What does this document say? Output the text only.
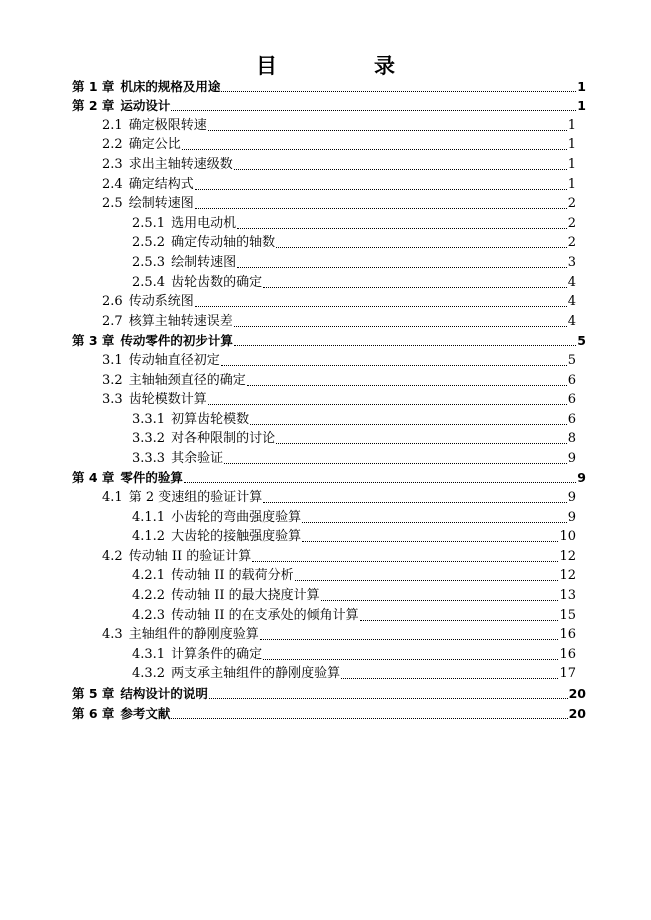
目　录
第 1 章 机床的规格及用途	1
第 2 章 运动设计	1
2.1 确定极限转速	1
2.2 确定公比	1
2.3 求出主轴转速级数	1
2.4 确定结构式	1
2.5 绘制转速图	2
2.5.1 选用电动机	2
2.5.2 确定传动轴的轴数	2
2.5.3 绘制转速图	3
2.5.4 齿轮齿数的确定	4
2.6 传动系统图	4
2.7 核算主轴转速误差	4
第 3 章 传动零件的初步计算	5
3.1 传动轴直径初定	5
3.2 主轴轴颈直径的确定	6
3.3 齿轮模数计算	6
3.3.1 初算齿轮模数	6
3.3.2 对各种限制的讨论	8
3.3.3 其余验证	9
第 4 章 零件的验算	9
4.1 第 2 变速组的验证计算	9
4.1.1 小齿轮的弯曲强度验算	9
4.1.2 大齿轮的接触强度验算	10
4.2 传动轴 II 的验证计算	12
4.2.1 传动轴 II 的载荷分析	12
4.2.2 传动轴 II 的最大挠度计算	13
4.2.3 传动轴 II 的在支承处的倾角计算	15
4.3 主轴组件的静刚度验算	16
4.3.1 计算条件的确定	16
4.3.2 两支承主轴组件的静刚度验算	17
第 5 章 结构设计的说明	20
第 6 章 参考文献	20
